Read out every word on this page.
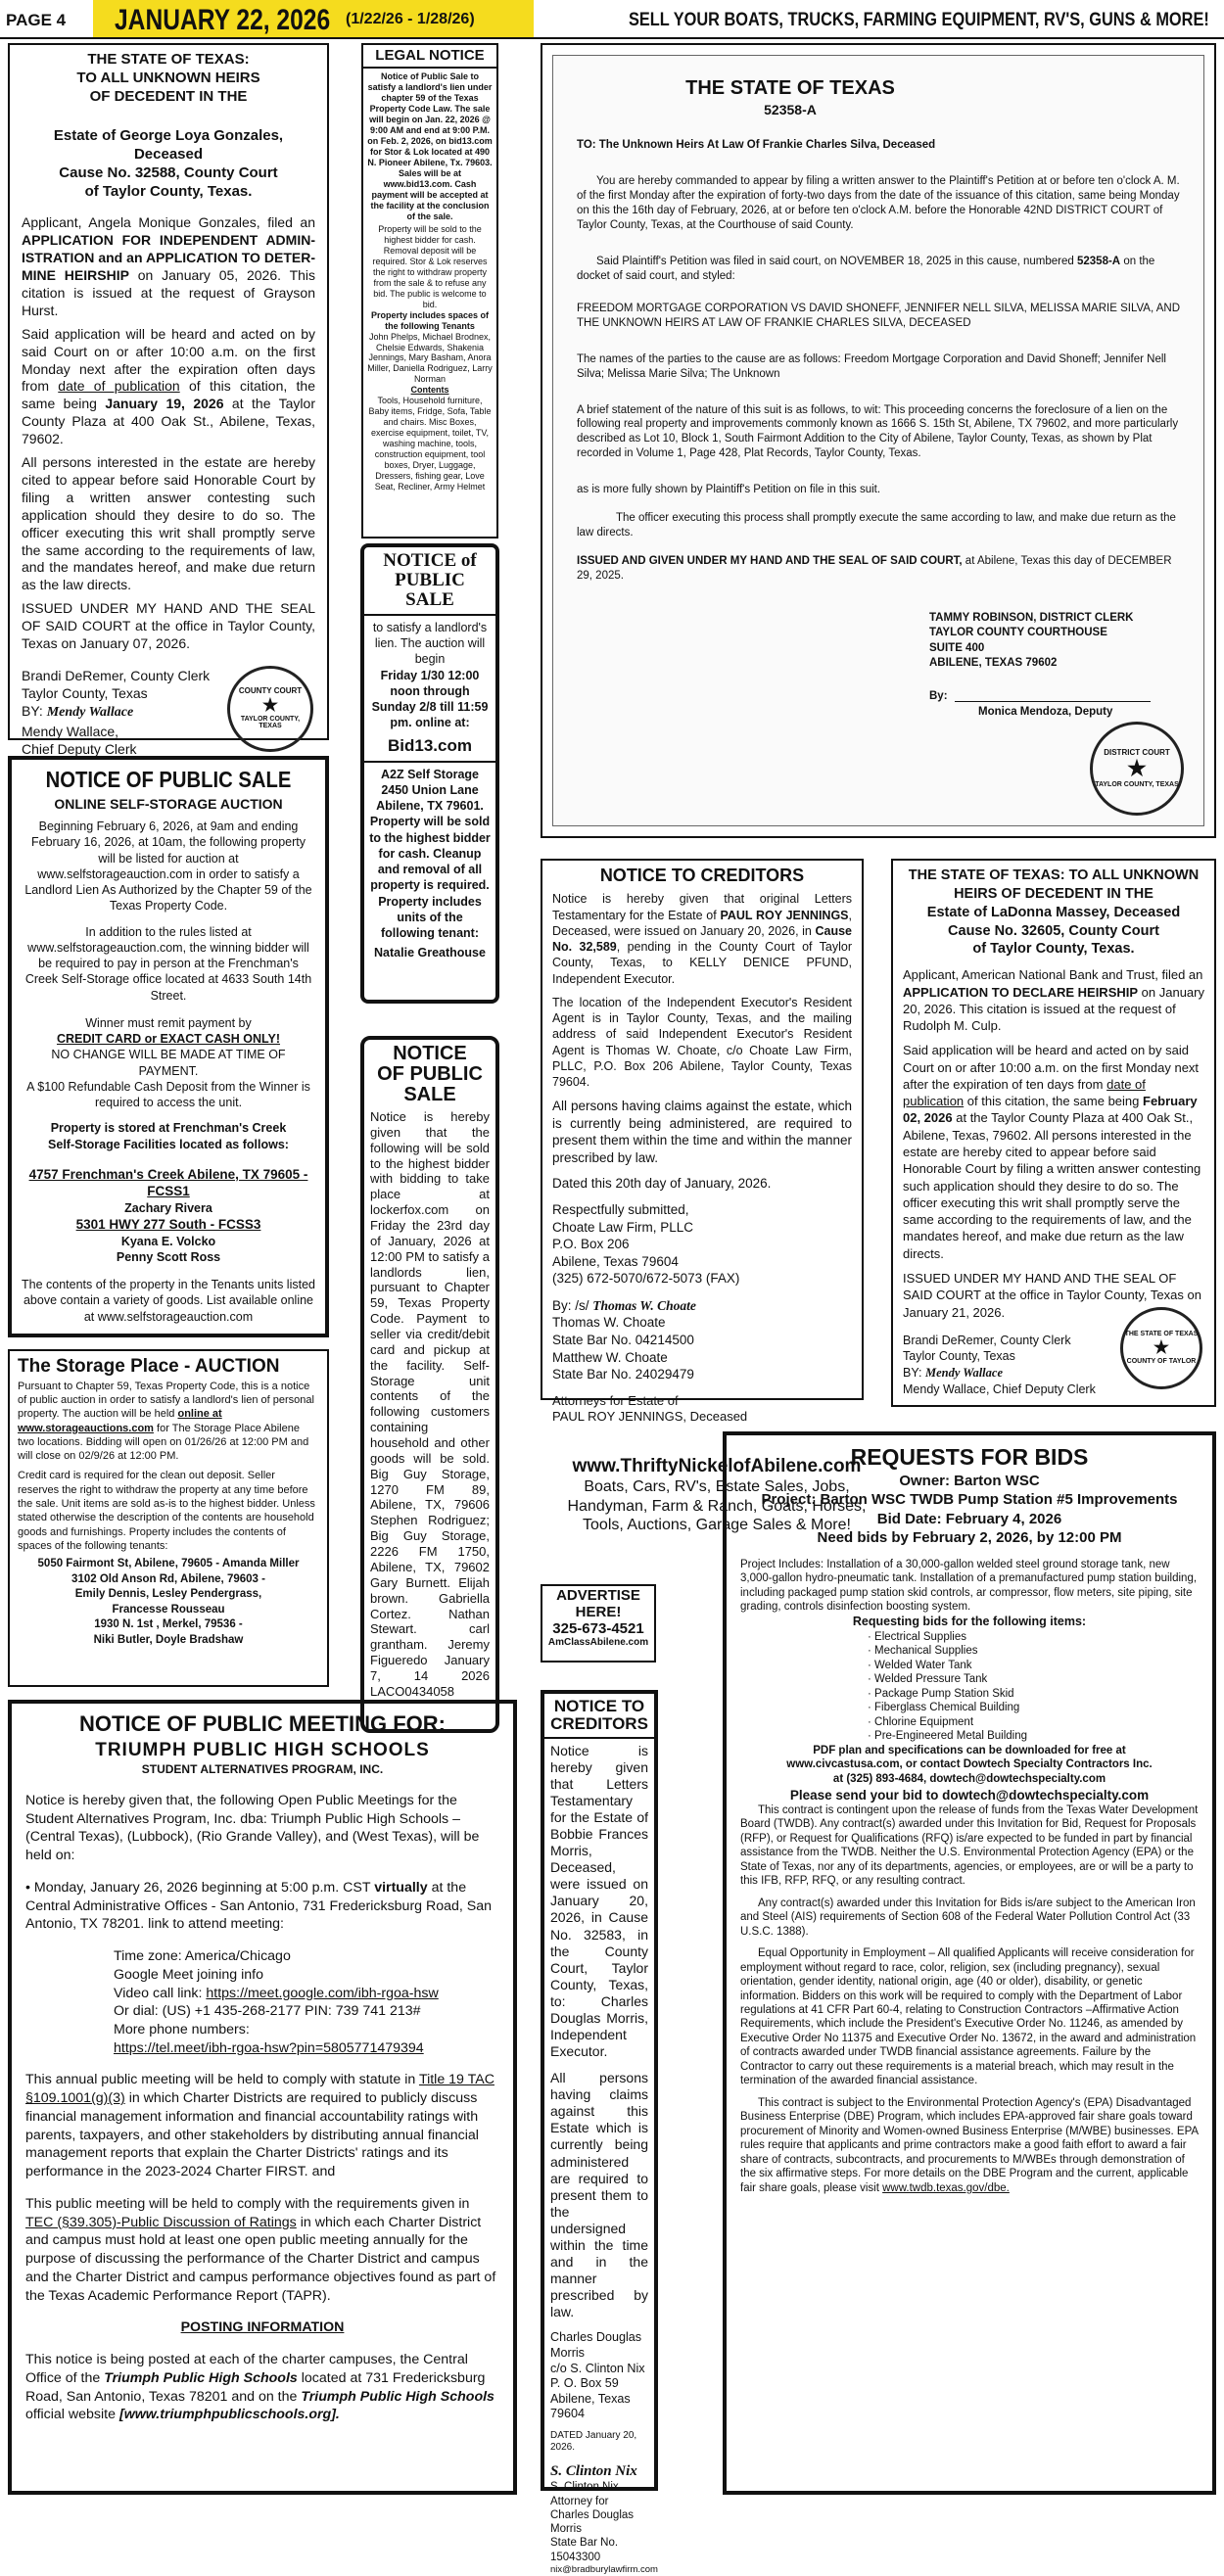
PAGE 4 JANUARY 22, 2026 (1/22/26 - 1/28/26)	SELL YOUR BOATS, TRUCKS, FARMING EQUIPMENT, RV'S, GUNS & MORE!
THE STATE OF TEXAS:
TO ALL UNKNOWN HEIRS
OF DECEDENT IN THE
Estate of George Loya Gonzales, Deceased
Cause No. 32588, County Court
of Taylor County, Texas.

Applicant, Angela Monique Gonzales, filed an APPLICATION FOR INDEPENDENT ADMIN-ISTRATION and an APPLICATION TO DETER-MINE HEIRSHIP on January 05, 2026. This citation is issued at the request of Grayson Hurst.

Said application will be heard and acted on by said Court on or after 10:00 a.m. on the first Monday next after the expiration often days from date of publication of this citation, the same being January 19, 2026 at the Taylor County Plaza at 400 Oak St., Abilene, Texas, 79602.

All persons interested in the estate are hereby cited to appear before said Honorable Court by filing a written answer contesting such application should they desire to do so. The officer executing this writ shall promptly serve the same according to the requirements of law, and the mandates hereof, and make due return as the law directs.

ISSUED UNDER MY HAND AND THE SEAL OF SAID COURT at the office in Taylor County, Texas on January 07, 2026.

Brandi DeRemer, County Clerk
Taylor County, Texas
BY: Mendy Wallace
Mendy Wallace,
Chief Deputy Clerk
COUNTY COURT
★
TAYLOR COUNTY, TEXAS
LEGAL NOTICE
Notice of Public Sale to satisfy a landlord's lien under chapter 59 of the Texas Property Code Law. The sale will begin on Jan. 22, 2026 @ 9:00 AM and end at 9:00 P.M. on Feb. 2, 2026, on bid13.com for Stor & Lok located at 490 N. Pioneer Abilene, Tx. 79603. Sales will be at www.bid13.com. Cash payment will be accepted at the facility at the conclusion of the sale.
Property will be sold to the highest bidder for cash. Removal deposit will be required. Stor & Lok reserves the right to withdraw property from the sale & to refuse any bid. The public is welcome to bid.
Property includes spaces of the following Tenants
John Phelps, Michael Brodnex, Chelsie Edwards, Shakenia Jennings, Mary Basham, Anora Miller, Daniella Rodriguez, Larry Norman
Contents
Tools, Household furniture, Baby items, Fridge, Sofa, Table and chairs. Misc Boxes, exercise equipment, toilet, TV, washing machine, tools, construction equipment, tool boxes, Dryer, Luggage, Dressers, fishing gear, Love Seat, Recliner, Army Helmet
NOTICE of
PUBLIC SALE
to satisfy a landlord's lien. The auction will begin
Friday 1/30 12:00 noon through Sunday 2/8 till 11:59 pm. online at:
Bid13.com
A2Z Self Storage
2450 Union Lane
Abilene, TX 79601.
Property will be sold to the highest bidder for cash. Cleanup and removal of all property is required. Property includes units of the following tenant:
Natalie Greathouse
NOTICE OF PUBLIC SALE
ONLINE SELF-STORAGE AUCTION
Beginning February 6, 2026, at 9am and ending February 16, 2026, at 10am, the following property will be listed for auction at www.selfstorageauction.com in order to satisfy a Landlord Lien As Authorized by the Chapter 59 of the Texas Property Code.
In addition to the rules listed at www.selfstorageauction.com, the winning bidder will be required to pay in person at the Frenchman's Creek Self-Storage office located at 4633 South 14th Street.
Winner must remit payment by
CREDIT CARD or EXACT CASH ONLY!
NO CHANGE WILL BE MADE AT TIME OF PAYMENT.
A $100 Refundable Cash Deposit from the Winner is required to access the unit.
Property is stored at Frenchman's Creek
Self-Storage Facilities located as follows:
4757 Frenchman's Creek Abilene, TX 79605 - FCSS1
Zachary Rivera
5301 HWY 277 South - FCSS3
Kyana E. Volcko
Penny Scott Ross
The contents of the property in the Tenants units listed above contain a variety of goods. List available online at www.selfstorageauction.com
The Storage Place - AUCTION
Pursuant to Chapter 59, Texas Property Code, this is a notice of public auction in order to satisfy a landlord's lien of personal property. The auction will be held online at www.storageauctions.com for The Storage Place Abilene two locations. Bidding will open on 01/26/26 at 12:00 PM and will close on 02/9/26 at 12:00 PM.
Credit card is required for the clean out deposit. Seller reserves the right to withdraw the property at any time before the sale. Unit items are sold as-is to the highest bidder. Unless stated otherwise the description of the contents are household goods and furnishings. Property includes the contents of spaces of the following tenants:
5050 Fairmont St, Abilene, 79605 - Amanda Miller
3102 Old Anson Rd, Abilene, 79603 -
Emily Dennis, Lesley Pendergrass,
Francesse Rousseau
1930 N. 1st , Merkel, 79536 -
Niki Butler, Doyle Bradshaw
NOTICE
OF PUBLIC
SALE
Notice is hereby given that the following will be sold to the highest bidder with bidding to take place at lockerfox.com on Friday the 23rd day of January, 2026 at 12:00 PM to satisfy a landlords lien, pursuant to Chapter 59, Texas Property Code. Payment to seller via credit/debit card and pickup at the facility. Self-Storage unit contents of the following customers containing household and other goods will be sold. Big Guy Storage, 1270 FM 89, Abilene, TX, 79606 Stephen Rodriguez; Big Guy Storage, 2226 FM 1750, Abilene, TX, 79602 Gary Burnett. Elijah brown. Gabriella Cortez. Nathan Stewart. carl grantham. Jeremy Figueredo January 7, 14 2026 LACO0434058
THE STATE OF TEXAS
52358-A
TO: The Unknown Heirs At Law Of Frankie Charles Silva, Deceased

You are hereby commanded to appear by filing a written answer to the Plaintiff's Petition at or before ten o'clock A. M. of the first Monday after the expiration of forty-two days from the date of the issuance of this citation, same being Monday on this the 16th day of February, 2026, at or before ten o'clock A.M. before the Honorable 42ND DISTRICT COURT of Taylor County, Texas, at the Courthouse of said County.

Said Plaintiff's Petition was filed in said court, on NOVEMBER 18, 2025 in this cause, numbered 52358-A on the docket of said court, and styled:

FREEDOM MORTGAGE CORPORATION VS DAVID SHONEFF, JENNIFER NELL SILVA, MELISSA MARIE SILVA, AND THE UNKNOWN HEIRS AT LAW OF FRANKIE CHARLES SILVA, DECEASED

The names of the parties to the cause are as follows: Freedom Mortgage Corporation and David Shoneff; Jennifer Nell Silva; Melissa Marie Silva; The Unknown

A brief statement of the nature of this suit is as follows, to wit: This proceeding concerns the foreclosure of a lien on the following real property and improvements commonly known as 1666 S. 15th St, Abilene, TX 79602, and more particularly described as Lot 10, Block 1, South Fairmont Addition to the City of Abilene, Taylor County, Texas, as shown by Plat recorded in Volume 1, Page 428, Plat Records, Taylor County, Texas.

as is more fully shown by Plaintiff's Petition on file in this suit.

The officer executing this process shall promptly execute the same according to law, and make due return as the law directs.

ISSUED AND GIVEN UNDER MY HAND AND THE SEAL OF SAID COURT, at Abilene, Texas this day of DECEMBER 29, 2025.

TAMMY ROBINSON, DISTRICT CLERK
TAYLOR COUNTY COURTHOUSE
SUITE 400
ABILENE, TEXAS 79602
By:
Monica Mendoza, Deputy
DISTRICT COURT
★
TAYLOR COUNTY, TEXAS
NOTICE TO CREDITORS

Notice is hereby given that original Letters Testamentary for the Estate of PAUL ROY JENNINGS, Deceased, were issued on January 20, 2026, in Cause No. 32,589, pending in the County Court of Taylor County, Texas, to KELLY DENICE PFUND, Independent Executor.

The location of the Independent Executor's Resident Agent is in Taylor County, Texas, and the mailing address of said Independent Executor's Resident Agent is Thomas W. Choate, c/o Choate Law Firm, PLLC, P.O. Box 206 Abilene, Taylor County, Texas 79604.

All persons having claims against the estate, which is currently being administered, are required to present them within the time and within the manner prescribed by law.

Dated this 20th day of January, 2026.

Respectfully submitted,
Choate Law Firm, PLLC
P.O. Box 206
Abilene, Texas 79604
(325) 672-5070/672-5073 (FAX)
By: /s/ Thomas W. Choate
Thomas W. Choate
State Bar No. 04214500
Matthew W. Choate
State Bar No. 24029479
Attorneys for Estate of
PAUL ROY JENNINGS, Deceased
THE STATE OF TEXAS: TO ALL UNKNOWN
HEIRS OF DECEDENT IN THE
Estate of LaDonna Massey, Deceased
Cause No. 32605, County Court
of Taylor County, Texas.

Applicant, American National Bank and Trust, filed an APPLICATION TO DECLARE HEIRSHIP on January 20, 2026. This citation is issued at the request of Rudolph M. Culp.

Said application will be heard and acted on by said Court on or after 10:00 a.m. on the first Monday next after the expiration of ten days from date of publication of this citation, the same being February 02, 2026 at the Taylor County Plaza at 400 Oak St., Abilene, Texas, 79602. All persons interested in the estate are hereby cited to appear before said Honorable Court by filing a written answer contesting such application should they desire to do so. The officer executing this writ shall promptly serve the same according to the requirements of law, and the mandates hereof, and make due return as the law directs.

ISSUED UNDER MY HAND AND THE SEAL OF SAID COURT at the office in Taylor County, Texas on January 21, 2026.

Brandi DeRemer, County Clerk
Taylor County, Texas
BY: Mendy Wallace
Mendy Wallace, Chief Deputy Clerk
THE STATE OF TEXAS
★
COUNTY OF TAYLOR
www.ThriftyNickelofAbilene.com
Boats, Cars, RV's, Estate Sales, Jobs,
Handyman, Farm & Ranch, Goats, Horses,
Tools, Auctions, Garage Sales & More!
ADVERTISE
HERE!
325-673-4521
AmClassAbilene.com
NOTICE TO
CREDITORS

Notice is hereby given that Letters Testamentary for the Estate of Bobbie Frances Morris, Deceased, were issued on January 20, 2026, in Cause No. 32583, in the County Court, Taylor County, Texas, to: Charles Douglas Morris, Independent Executor.

All persons having claims against this Estate which is currently being administered are required to present them to the undersigned within the time and in the manner prescribed by law.

Charles Douglas Morris
c/o S. Clinton Nix
P. O. Box 59
Abilene, Texas 79604
DATED January 20, 2026.
S. Clinton Nix
S. Clinton Nix
Attorney for
Charles Douglas Morris
State Bar No. 15043300
nix@bradburylawfirm.com
NOTICE OF PUBLIC MEETING FOR:
TRIUMPH PUBLIC HIGH SCHOOLS
STUDENT ALTERNATIVES PROGRAM, INC.

Notice is hereby given that, the following Open Public Meetings for the Student Alternatives Program, Inc. dba: Triumph Public High Schools – (Central Texas), (Lubbock), (Rio Grande Valley), and (West Texas), will be held on:

• Monday, January 26, 2026 beginning at 5:00 p.m. CST virtually at the Central Administrative Offices - San Antonio, 731 Fredericksburg Road, San Antonio, TX 78201. link to attend meeting:

Time zone: America/Chicago
Google Meet joining info
Video call link: https://meet.google.com/ibh-rgoa-hsw
Or dial: (US) +1 435-268-2177 PIN: 739 741 213#
More phone numbers:
https://tel.meet/ibh-rgoa-hsw?pin=5805771479394

This annual public meeting will be held to comply with statute in Title 19 TAC §109.1001(g)(3) in which Charter Districts are required to publicly discuss financial management information and financial accountability ratings with parents, taxpayers, and other stakeholders by distributing annual financial management reports that explain the Charter Districts' ratings and its performance in the 2023-2024 Charter FIRST. and

This public meeting will be held to comply with the requirements given in TEC (§39.305)-Public Discussion of Ratings in which each Charter District and campus must hold at least one open public meeting annually for the purpose of discussing the performance of the Charter District and campus and the Charter District and campus performance objectives found as part of the Texas Academic Performance Report (TAPR).

POSTING INFORMATION

This notice is being posted at each of the charter campuses, the Central Office of the Triumph Public High Schools located at 731 Fredericksburg Road, San Antonio, Texas 78201 and on the Triumph Public High Schools official website [www.triumphpublicschools.org].

REQUESTS FOR BIDS
Owner: Barton WSC
Project: Barton WSC TWDB Pump Station #5 Improvements
Bid Date: February 4, 2026
Need bids by February 2, 2026, by 12:00 PM

Project Includes: Installation of a 30,000-gallon welded steel ground storage tank, new 3,000-gallon hydro-pneumatic tank. Installation of a premanufactured pump station building, including packaged pump station skid controls, ar compressor, flow meters, site piping, site grading, controls disinfection boosting system.

Requesting bids for the following items:
· Electrical Supplies
· Mechanical Supplies
· Welded Water Tank
· Welded Pressure Tank
· Package Pump Station Skid
· Fiberglass Chemical Building
· Chlorine Equipment
· Pre-Engineered Metal Building
PDF plan and specifications can be downloaded for free at
www.civcastusa.com, or contact Dowtech Specialty Contractors Inc.
at (325) 893-4684, dowtech@dowtechspecialty.com
Please send your bid to dowtech@dowtechspecialty.com

This contract is contingent upon the release of funds from the Texas Water Development Board (TWDB). Any contract(s) awarded under this Invitation for Bid, Request for Proposals (RFP), or Request for Qualifications (RFQ) is/are expected to be funded in part by financial assistance from the TWDB. Neither the U.S. Environmental Protection Agency (EPA) or the State of Texas, nor any of its departments, agencies, or employees, are or will be a party to this IFB, RFP, RFQ, or any resulting contract.

Any contract(s) awarded under this Invitation for Bids is/are subject to the American Iron and Steel (AIS) requirements of Section 608 of the Federal Water Pollution Control Act (33 U.S.C. 1388).

Equal Opportunity in Employment – All qualified Applicants will receive consideration for employment without regard to race, color, religion, sex (including pregnancy), sexual orientation, gender identity, national origin, age (40 or older), disability, or genetic information. Bidders on this work will be required to comply with the Department of Labor regulations at 41 CFR Part 60-4, relating to Construction Contractors –Affirmative Action Requirements, which include the President's Executive Order No. 11246, as amended by Executive Order No 11375 and Executive Order No. 13672, in the award and administration of contracts awarded under TWDB financial assistance agreements. Failure by the Contractor to carry out these requirements is a material breach, which may result in the termination of the awarded financial assistance.

This contract is subject to the Environmental Protection Agency's (EPA) Disadvantaged Business Enterprise (DBE) Program, which includes EPA-approved fair share goals toward procurement of Minority and Women-owned Business Enterprise (M/WBE) businesses. EPA rules require that applicants and prime contractors make a good faith effort to award a fair share of contracts, subcontracts, and procurements to M/WBEs through demonstration of the six affirmative steps. For more details on the DBE Program and the current, applicable fair share goals, please visit www.twdb.texas.gov/dbe.
